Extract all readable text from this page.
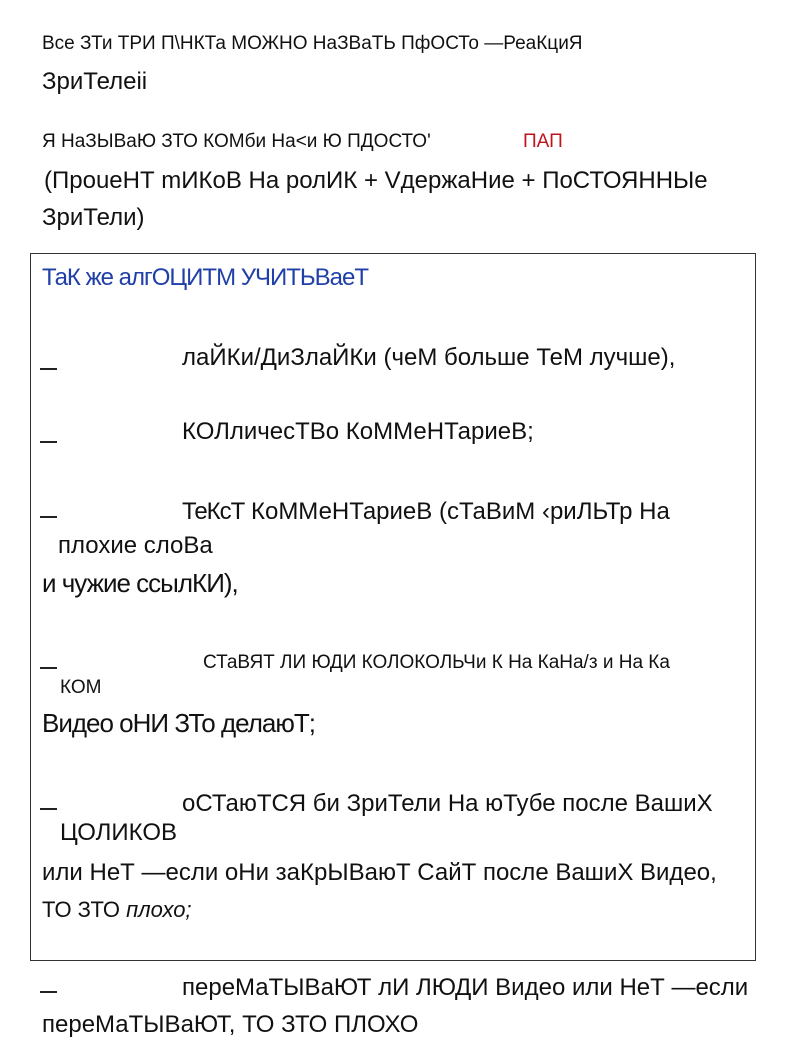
Все ЗТи ТРИ П\НКТа МОЖНО НаЗВаТЬ ПфОСТо —РеаКциЯ
ЗриТелеii
Я НаЗЫВаЮ ЗТО КОМби На<и Ю ПДОСТО'	ПАП
(ПроuеНТ mИКоВ На ролИК + VдержаНие + ПоСТОЯННЫе
ЗриТели)
ТаК же алгОЦИТМ УЧИТЬВаеТ
лаЙКи/ДиЗлаЙКи (чеМ больше ТеМ лучше),
КОЛличесТВо КоММеНТариеВ;
ТеКсТ КоММеНТариеВ (сТаВиМ ‹риЛЬТр На
плохие слоВа
и чужие ссылКИ),
СТаВЯТ ЛИ ЮДИ КОЛОКОЛЬЧи К На КаНа/з и На Ка
КОМ
Видео оНИ ЗТо делаюТ;
оСТаюТСЯ би ЗриТели На юТубе после ВашиХ
ЦОЛИКОВ
или НеТ —если оНи заКрЫВаюТ СайТ после ВашиХ Видео,
ТО ЗТО плохо;
переМаТЫВаЮТ лИ ЛЮДИ Видео или НеТ —если
переМаТЫВаЮТ, ТО ЗТО ПЛОХО
